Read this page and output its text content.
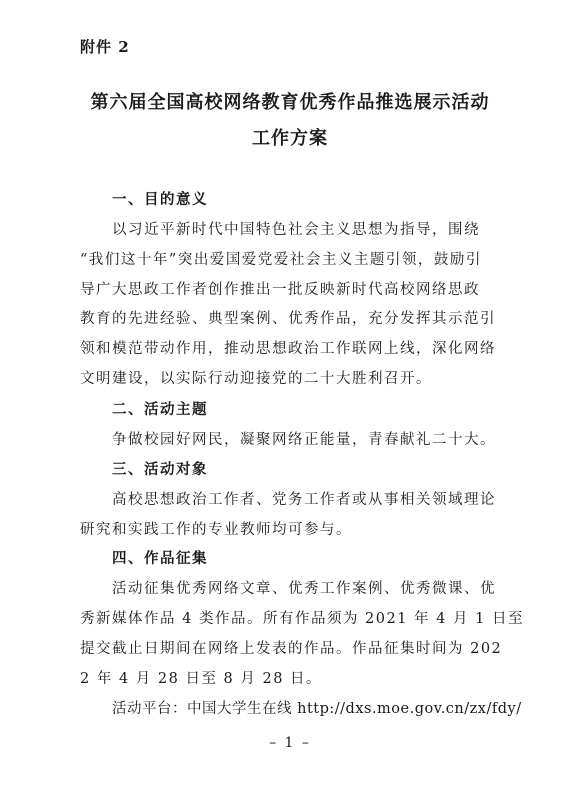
附件 2
第六届全国高校网络教育优秀作品推选展示活动
工作方案
一、目的意义
以习近平新时代中国特色社会主义思想为指导，围绕
“我们这十年”突出爱国爱党爱社会主义主题引领，鼓励引
导广大思政工作者创作推出一批反映新时代高校网络思政
教育的先进经验、典型案例、优秀作品，充分发挥其示范引
领和模范带动作用，推动思想政治工作联网上线，深化网络
文明建设，以实际行动迎接党的二十大胜利召开。
二、活动主题
争做校园好网民，凝聚网络正能量，青春献礼二十大。
三、活动对象
高校思想政治工作者、党务工作者或从事相关领域理论
研究和实践工作的专业教师均可参与。
四、作品征集
活动征集优秀网络文章、优秀工作案例、优秀微课、优
秀新媒体作品 4 类作品。所有作品须为 2021 年 4 月 1 日至
提交截止日期间在网络上发表的作品。作品征集时间为 202
2 年 4 月 28 日至 8 月 28 日。
活动平台：中国大学生在线 http://dxs.moe.gov.cn/zx/fdy/
– 1 –
